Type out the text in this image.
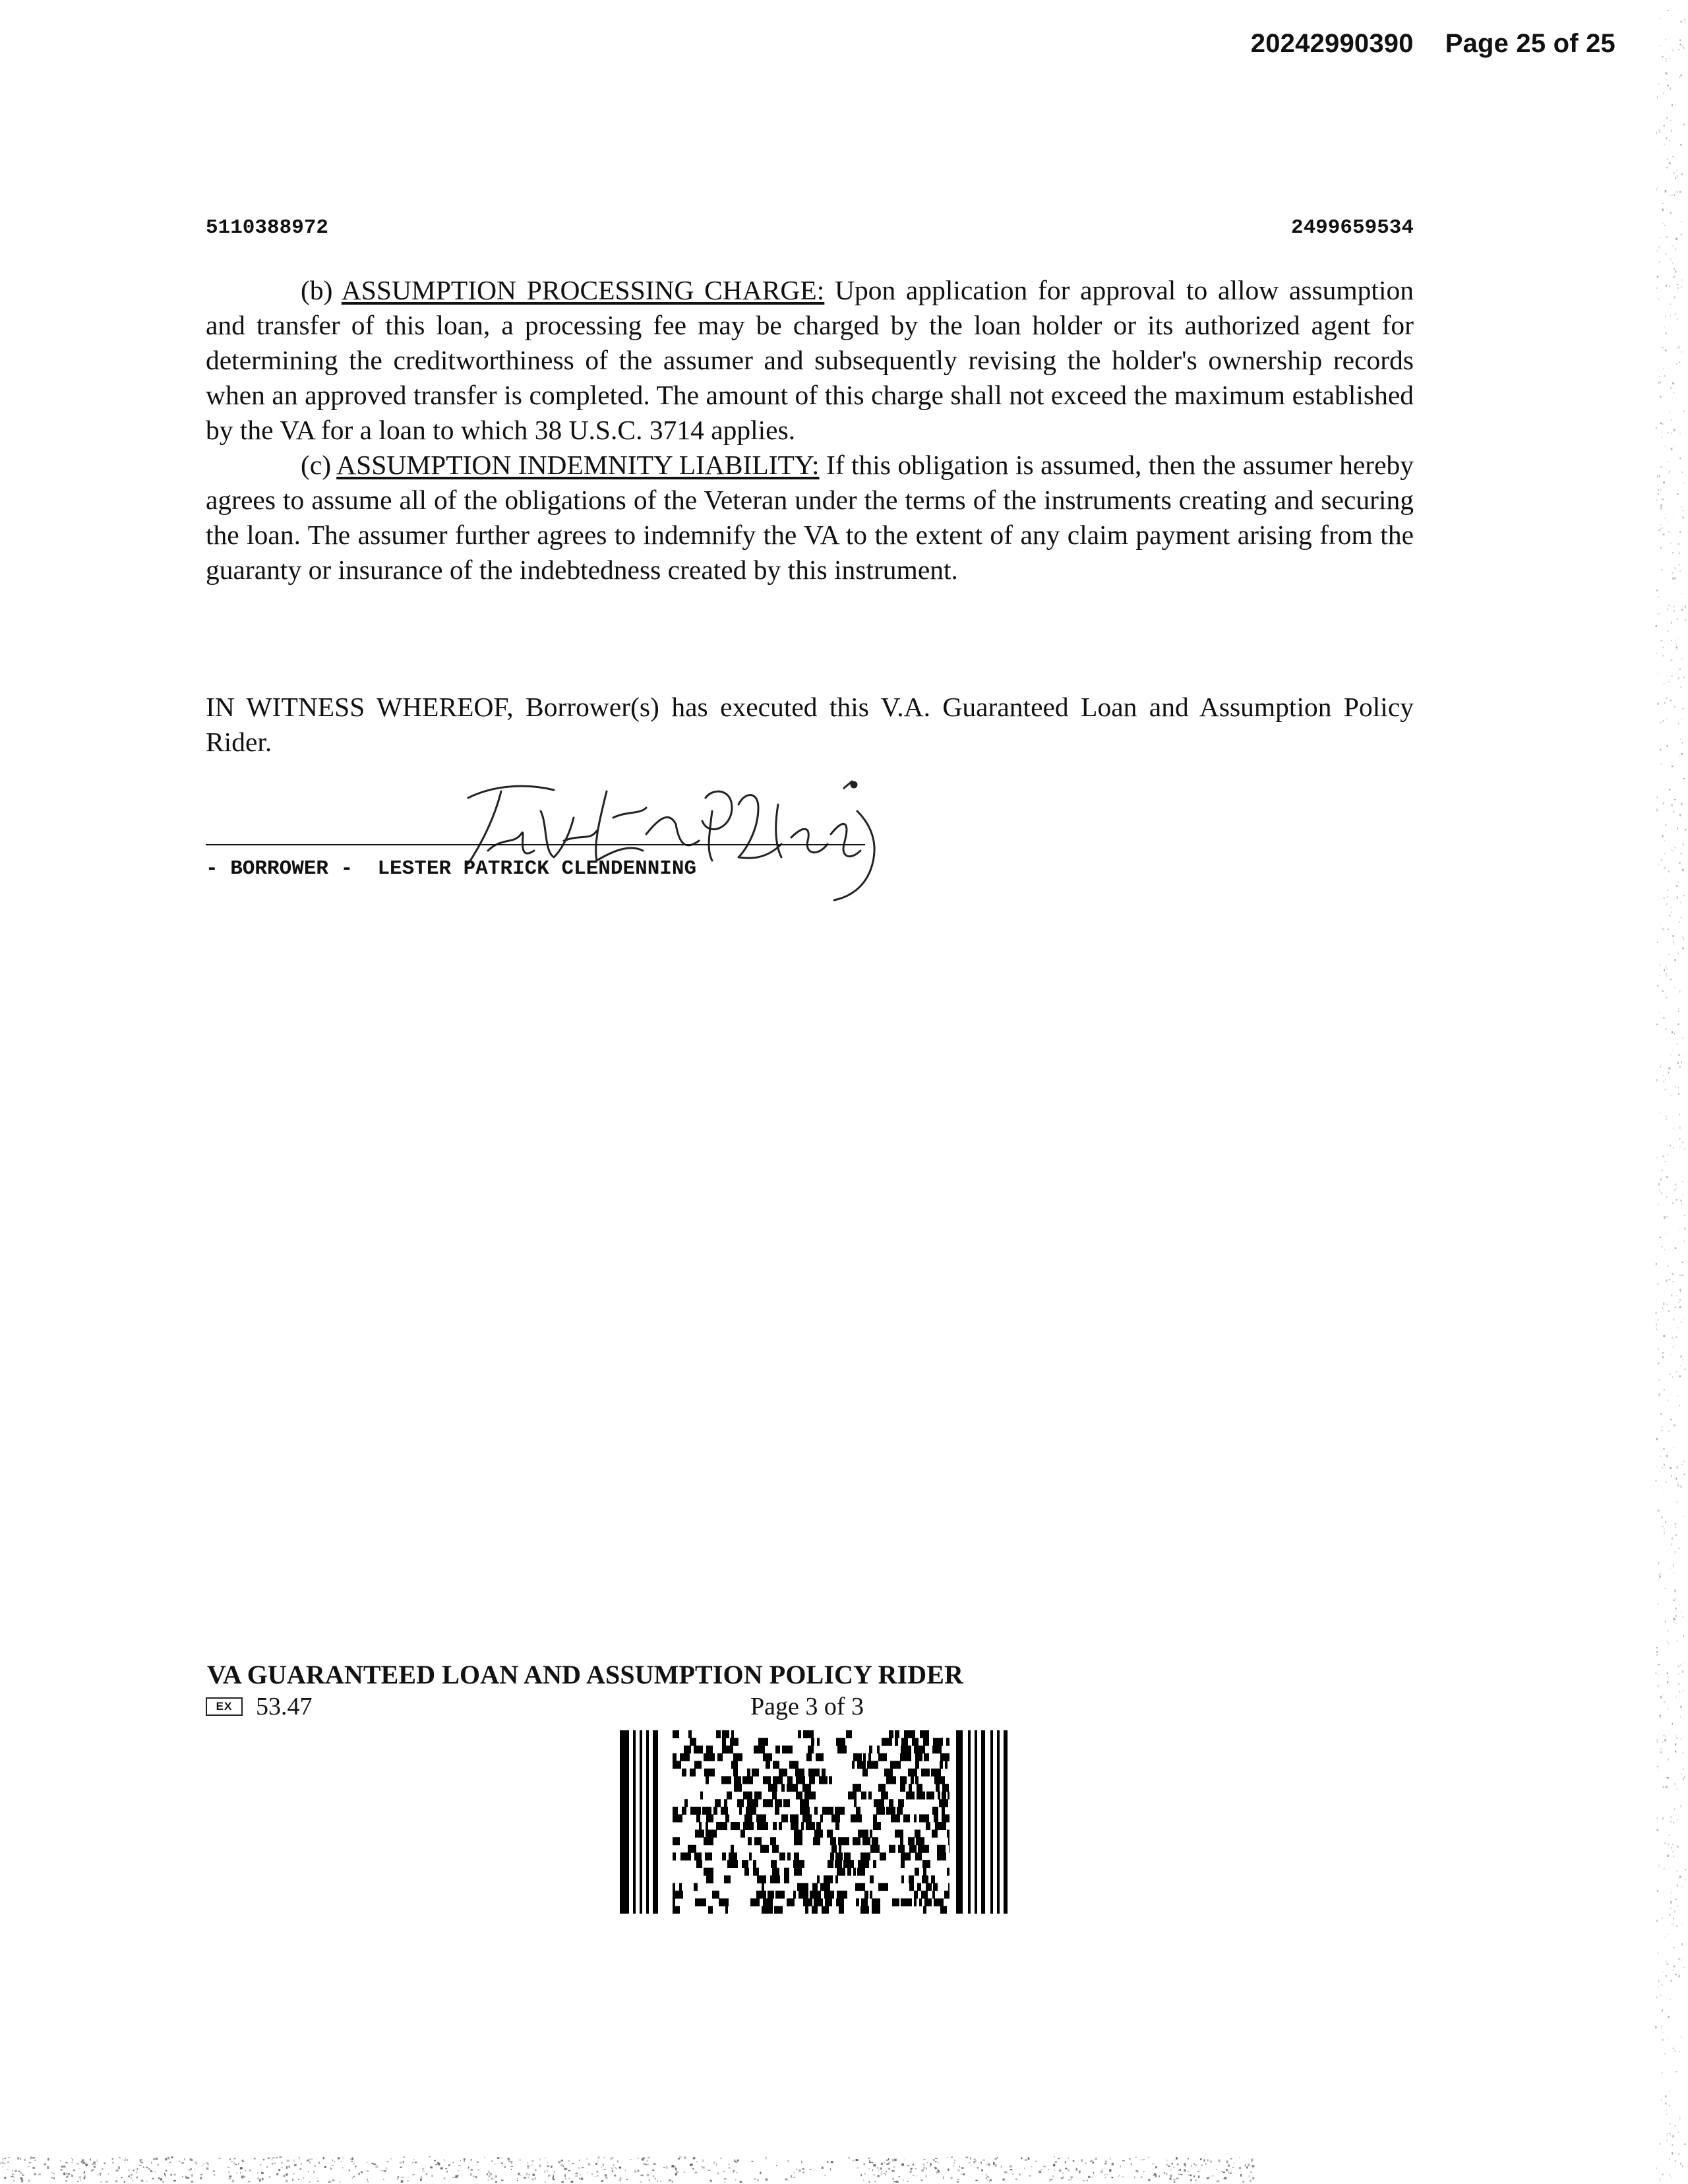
20242990390 Page 25 of 25
5110388972	2499659534

(b) ASSUMPTION PROCESSING CHARGE: Upon application for approval to allow assumption and transfer of this loan, a processing fee may be charged by the loan holder or its authorized agent for determining the creditworthiness of the assumer and subsequently revising the holder's ownership records when an approved transfer is completed. The amount of this charge shall not exceed the maximum established by the VA for a loan to which 38 U.S.C. 3714 applies.

(c) ASSUMPTION INDEMNITY LIABILITY: If this obligation is assumed, then the assumer hereby agrees to assume all of the obligations of the Veteran under the terms of the instruments creating and securing the loan. The assumer further agrees to indemnify the VA to the extent of any claim payment arising from the guaranty or insurance of the indebtedness created by this instrument.

IN WITNESS WHEREOF, Borrower(s) has executed this V.A. Guaranteed Loan and Assumption Policy Rider.

- BORROWER -  LESTER PATRICK CLENDENNING
VA GUARANTEED LOAN AND ASSUMPTION POLICY RIDER
EX 53.47	Page 3 of 3
